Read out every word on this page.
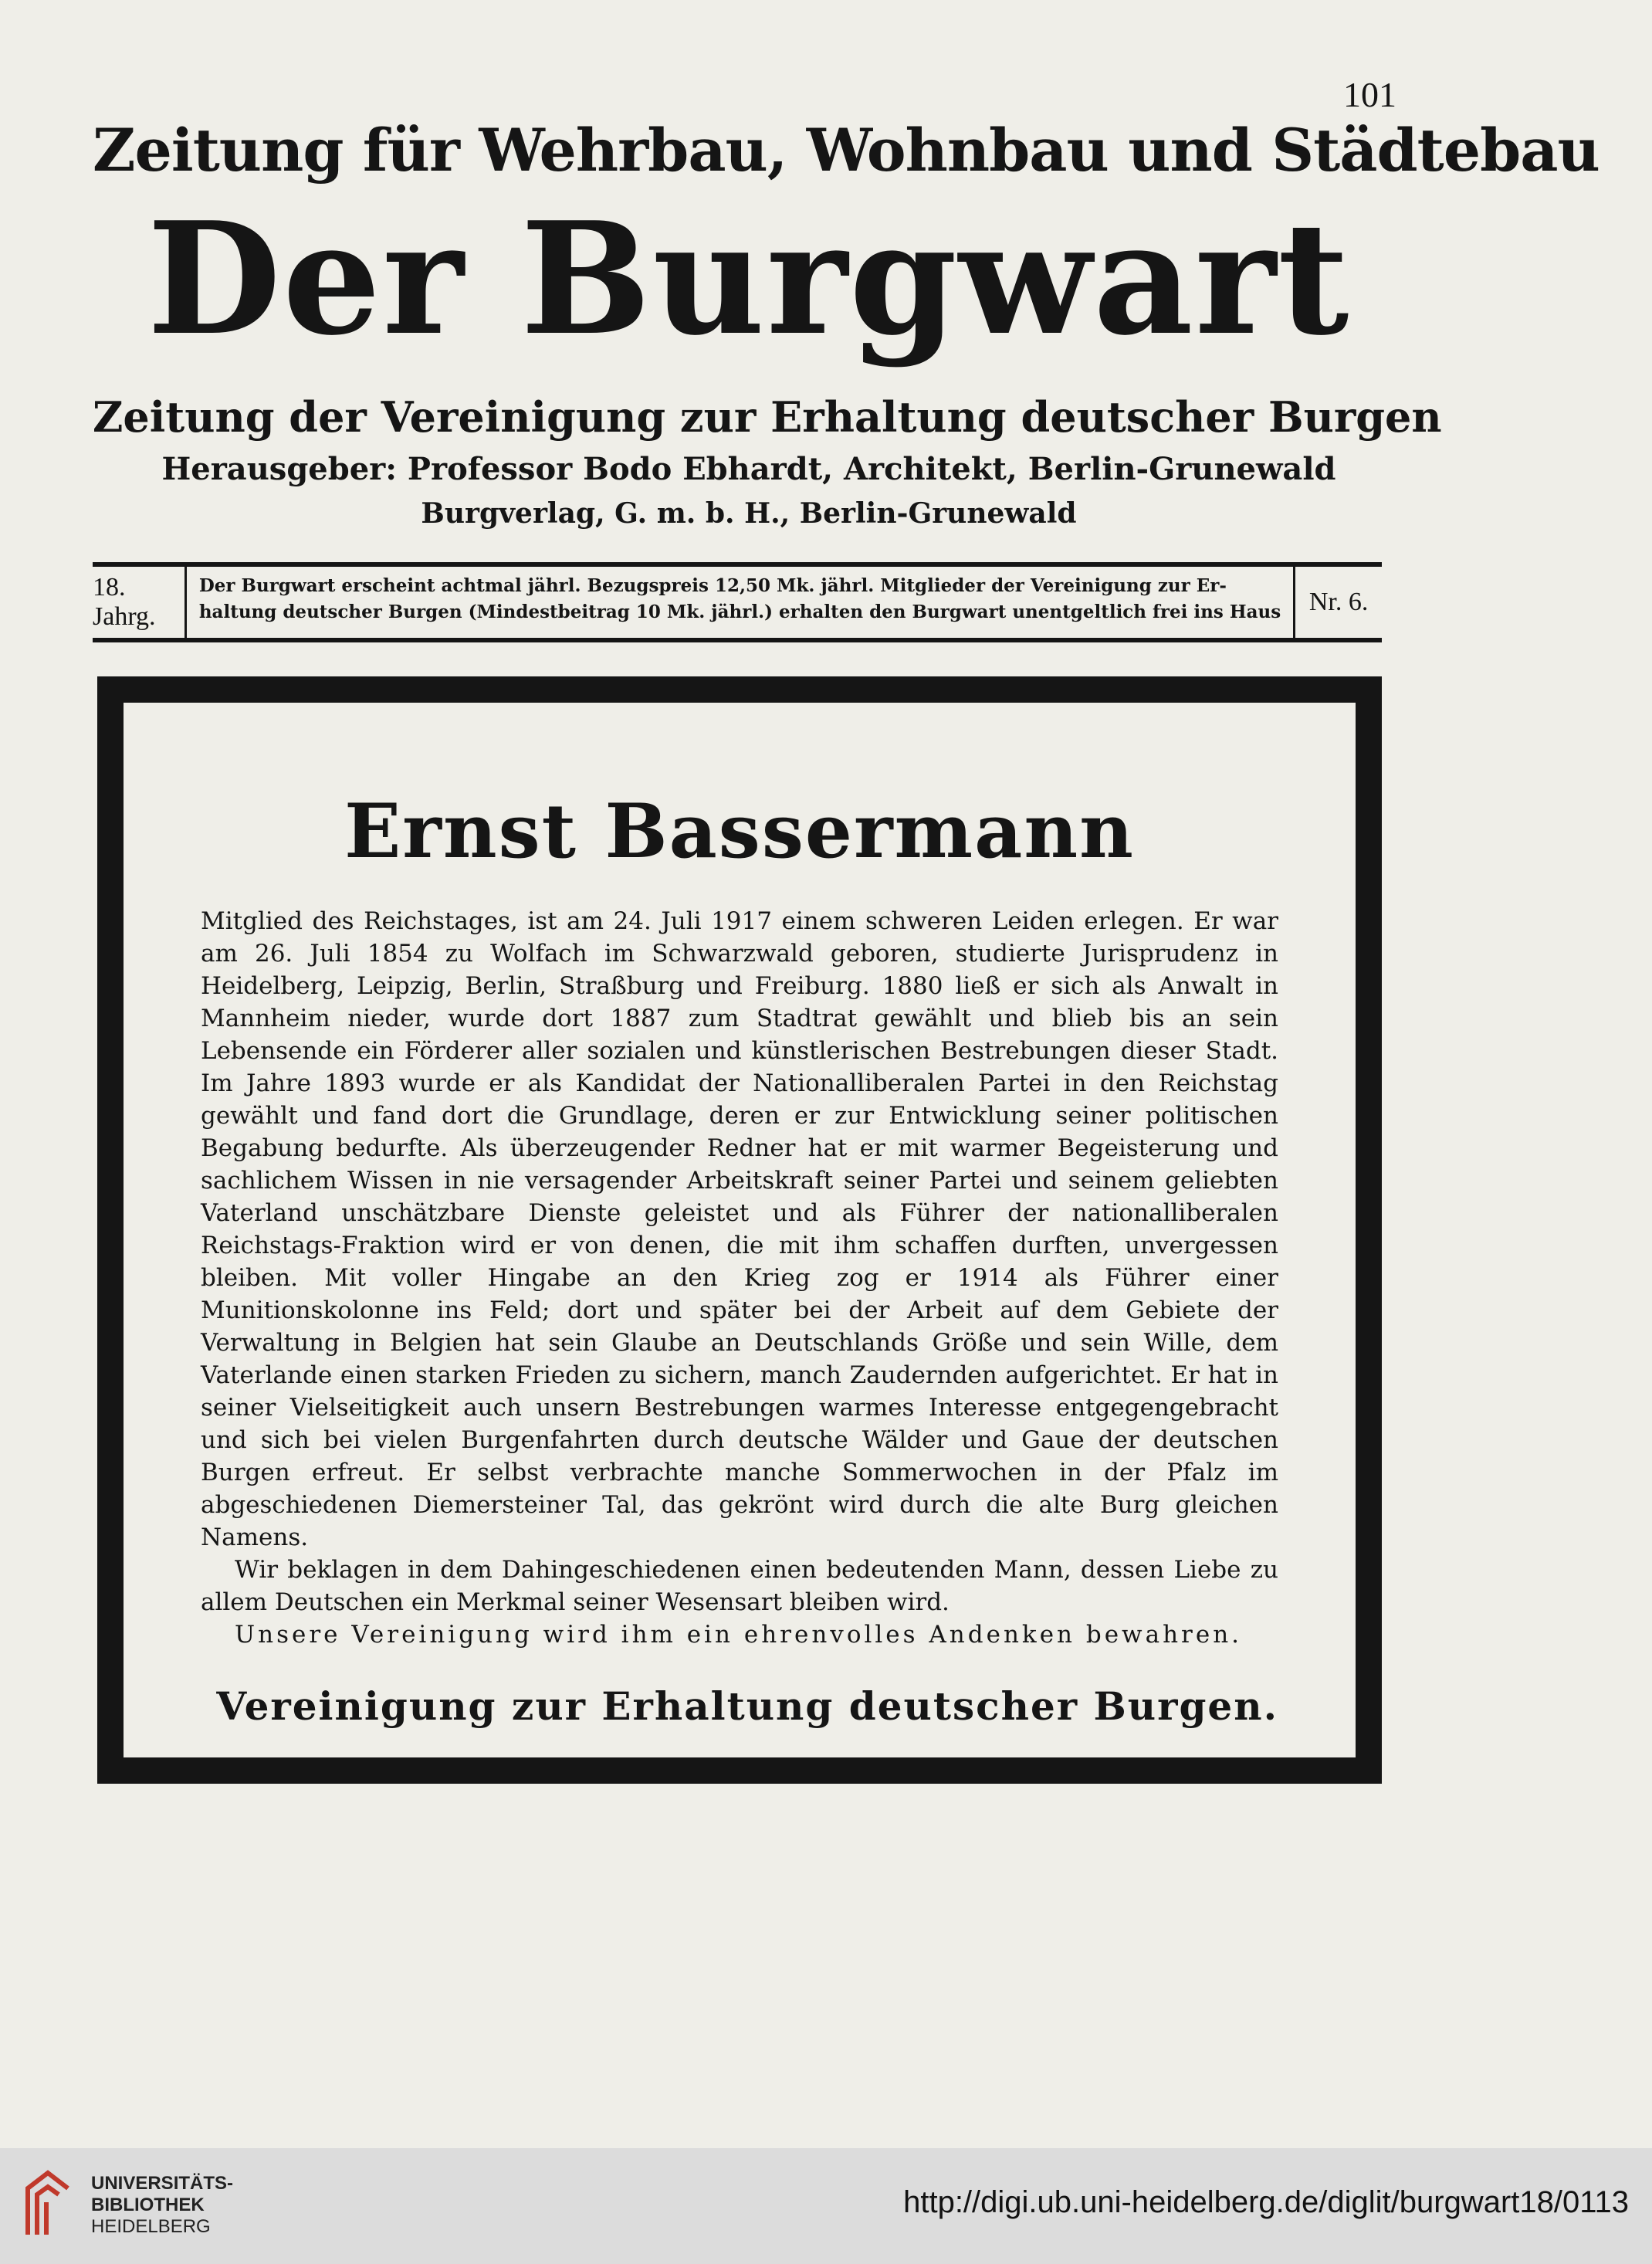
101
Zeitung für Wehrbau, Wohnbau und Städtebau
Der Burgwart
Zeitung der Vereinigung zur Erhaltung deutscher Burgen
Herausgeber: Professor Bodo Ebhardt, Architekt, Berlin-Grunewald
Burgverlag, G. m. b. H., Berlin-Grunewald
18. Jahrg.
Der Burgwart erscheint achtmal jährl. Bezugspreis 12,50 Mk. jährl. Mitglieder der Vereinigung zur Er-
haltung deutscher Burgen (Mindestbeitrag 10 Mk. jährl.) erhalten den Burgwart unentgeltlich frei ins Haus	Nr. 6.
Ernst Bassermann

Mitglied des Reichstages, ist am 24. Juli 1917 einem schweren Leiden erlegen. Er war am 26. Juli 1854 zu Wolfach im Schwarzwald geboren, studierte Jurisprudenz in Heidelberg, Leipzig, Berlin, Straßburg und Freiburg. 1880 ließ er sich als Anwalt in Mannheim nieder, wurde dort 1887 zum Stadtrat gewählt und blieb bis an sein Lebensende ein Förderer aller sozialen und künstlerischen Bestrebungen dieser Stadt. Im Jahre 1893 wurde er als Kandidat der Nationalliberalen Partei in den Reichstag gewählt und fand dort die Grundlage, deren er zur Entwicklung seiner politischen Begabung bedurfte. Als überzeugender Redner hat er mit warmer Begeisterung und sachlichem Wissen in nie versagender Arbeitskraft seiner Partei und seinem geliebten Vaterland unschätzbare Dienste geleistet und als Führer der nationalliberalen Reichstags-Fraktion wird er von denen, die mit ihm schaffen durften, unvergessen bleiben. Mit voller Hingabe an den Krieg zog er 1914 als Führer einer Munitionskolonne ins Feld; dort und später bei der Arbeit auf dem Gebiete der Verwaltung in Belgien hat sein Glaube an Deutschlands Größe und sein Wille, dem Vaterlande einen starken Frieden zu sichern, manch Zaudernden aufgerichtet. Er hat in seiner Vielseitigkeit auch unsern Bestrebungen warmes Interesse entgegengebracht und sich bei vielen Burgenfahrten durch deutsche Wälder und Gaue der deutschen Burgen erfreut. Er selbst verbrachte manche Sommerwochen in der Pfalz im abgeschiedenen Diemersteiner Tal, das gekrönt wird durch die alte Burg gleichen Namens.

Wir beklagen in dem Dahingeschiedenen einen bedeutenden Mann, dessen Liebe zu allem Deutschen ein Merkmal seiner Wesensart bleiben wird.

Unsere Vereinigung wird ihm ein ehrenvolles Andenken bewahren.

Vereinigung zur Erhaltung deutscher Burgen.
UNIVERSITÄTS-
BIBLIOTHEK
HEIDELBERG
http://digi.ub.uni-heidelberg.de/diglit/burgwart18/0113
